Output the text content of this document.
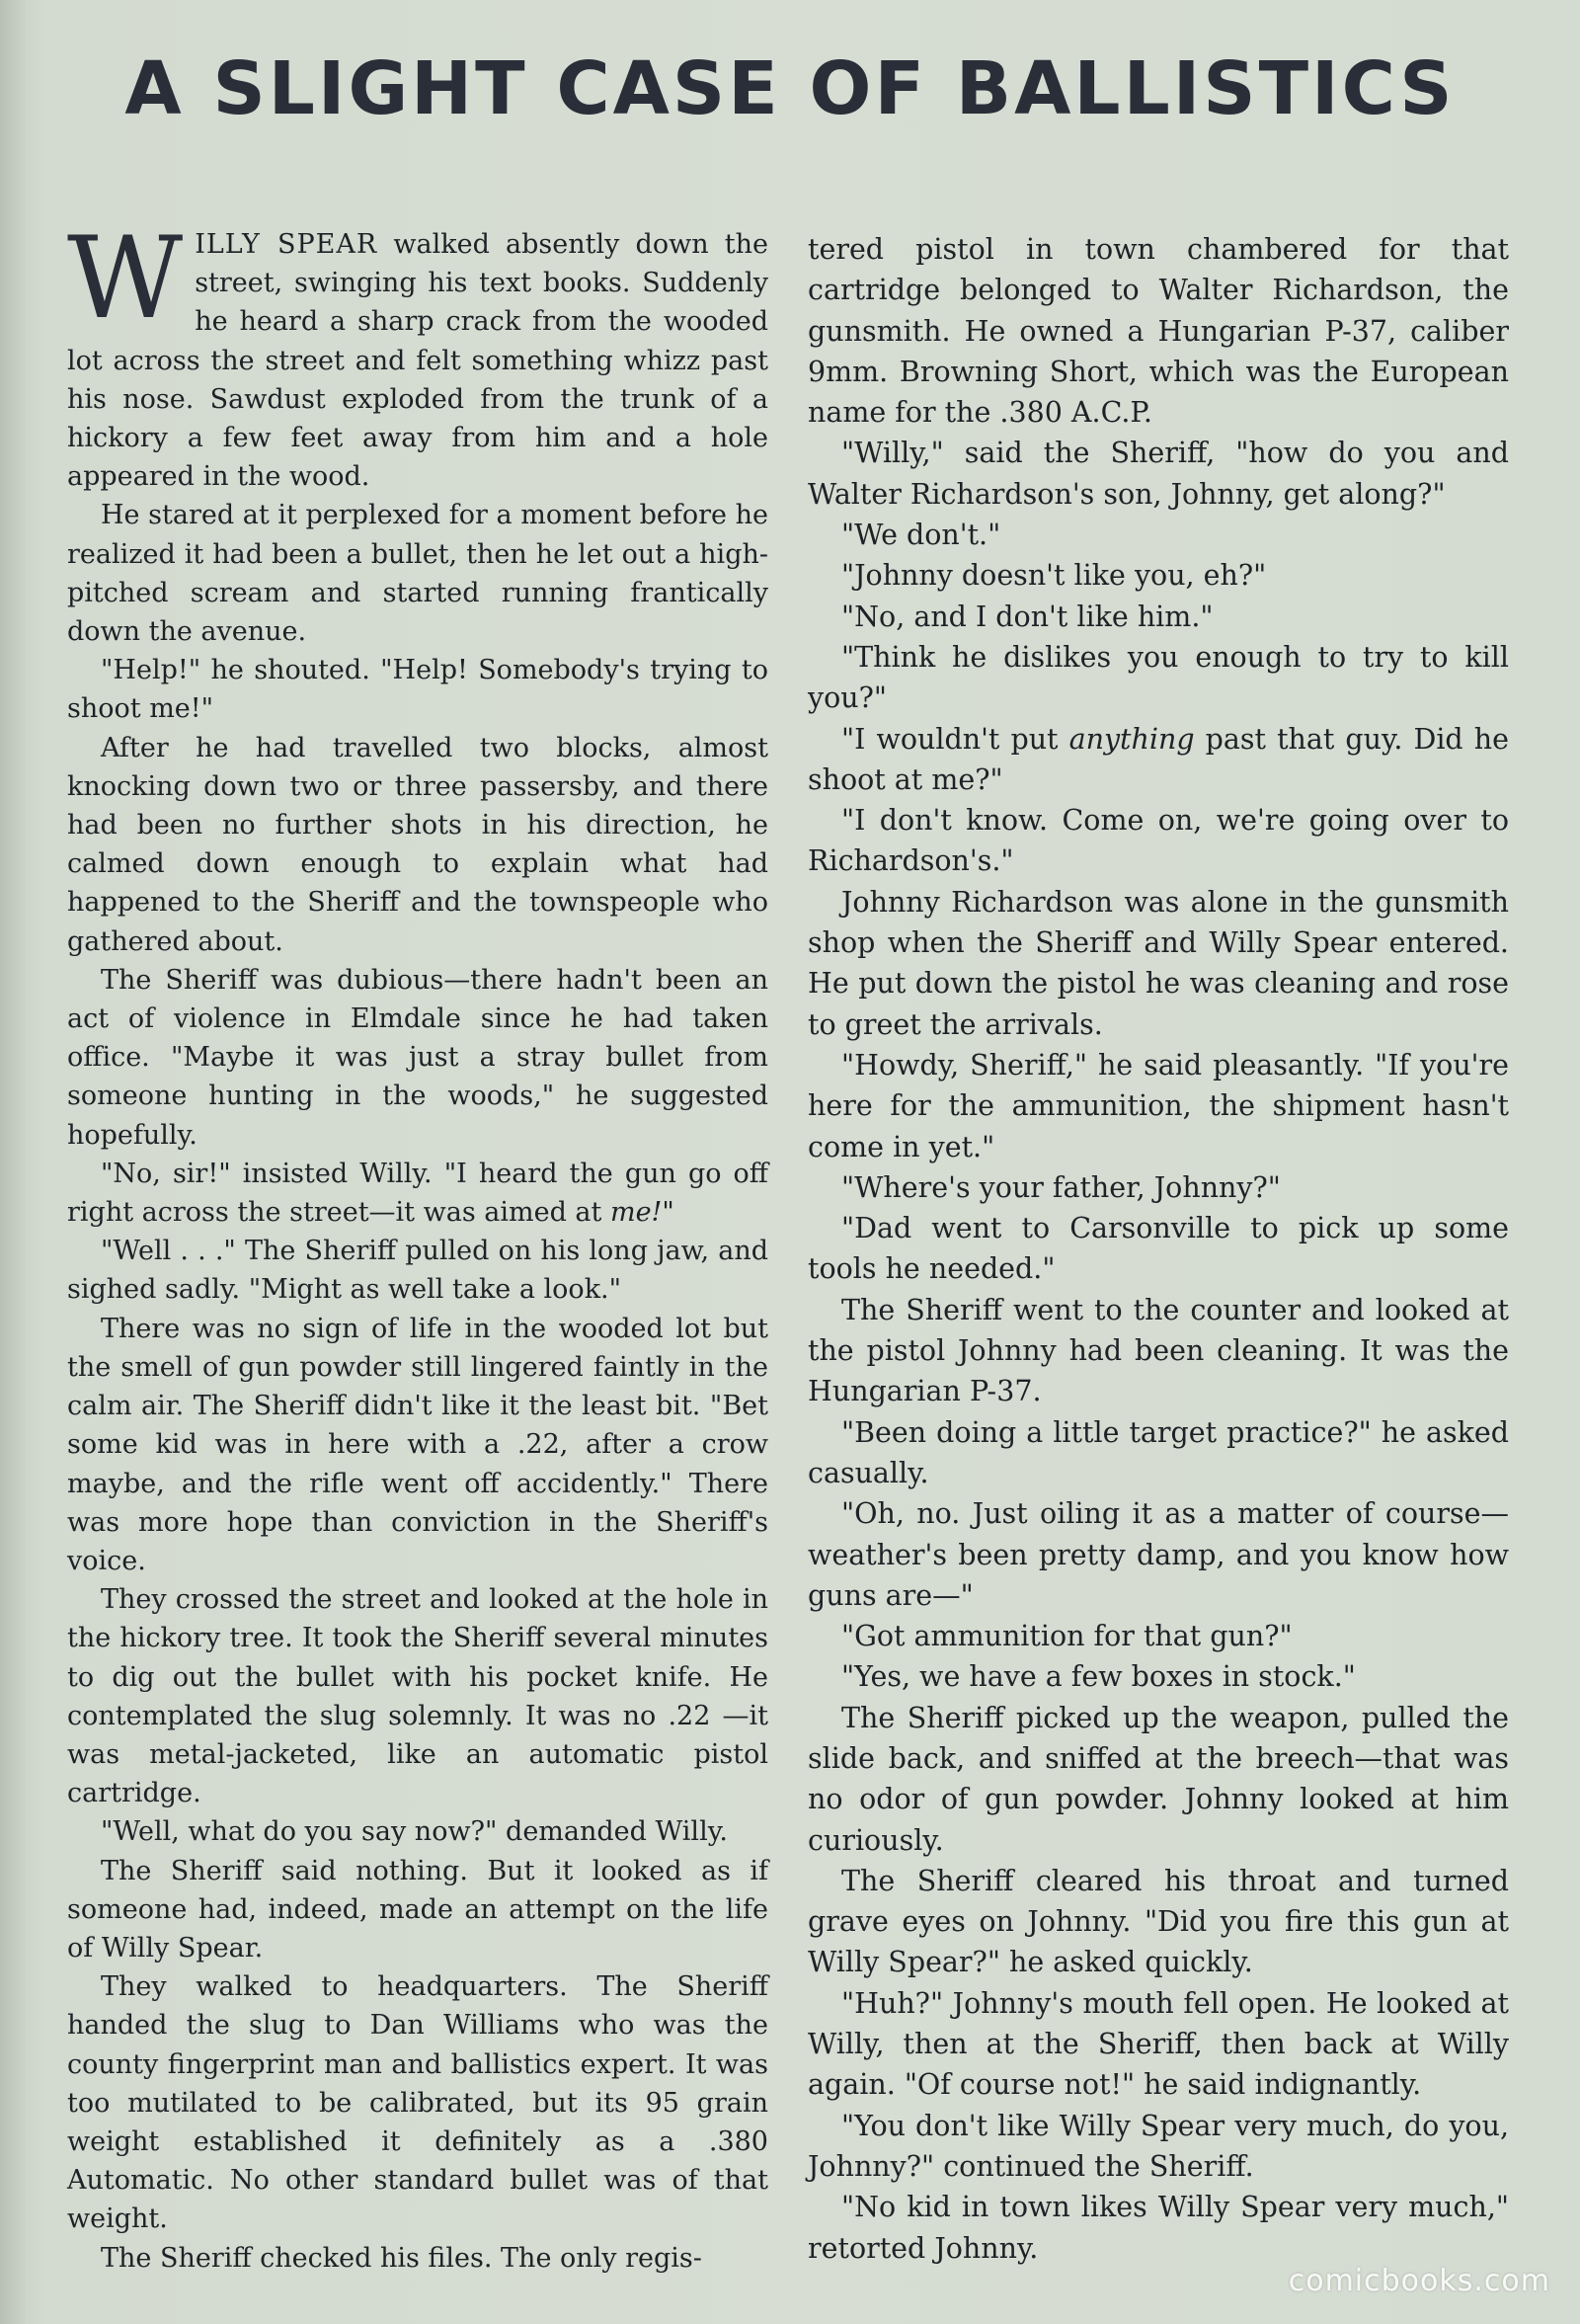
A SLIGHT CASE OF BALLISTICS

WILLY SPEAR walked absently down the street, swinging his text books. Suddenly he heard a sharp crack from the wooded lot across the street and felt something whizz past his nose. Sawdust exploded from the trunk of a hickory a few feet away from him and a hole appeared in the wood.

He stared at it perplexed for a moment before he realized it had been a bullet, then he let out a high-pitched scream and started running frantically down the avenue.

"Help!" he shouted. "Help! Somebody's trying to shoot me!"

After he had travelled two blocks, almost knocking down two or three passersby, and there had been no further shots in his direction, he calmed down enough to explain what had happened to the Sheriff and the townspeople who gathered about.

The Sheriff was dubious—there hadn't been an act of violence in Elmdale since he had taken office. "Maybe it was just a stray bullet from someone hunting in the woods," he suggested hopefully.

"No, sir!" insisted Willy. "I heard the gun go off right across the street—it was aimed at me!"

"Well . . ." The Sheriff pulled on his long jaw, and sighed sadly. "Might as well take a look."

There was no sign of life in the wooded lot but the smell of gun powder still lingered faintly in the calm air. The Sheriff didn't like it the least bit. "Bet some kid was in here with a .22, after a crow maybe, and the rifle went off accidently." There was more hope than conviction in the Sheriff's voice.

They crossed the street and looked at the hole in the hickory tree. It took the Sheriff several minutes to dig out the bullet with his pocket knife. He contemplated the slug solemnly. It was no .22 —it was metal-jacketed, like an automatic pistol cartridge.

"Well, what do you say now?" demanded Willy.

The Sheriff said nothing. But it looked as if someone had, indeed, made an attempt on the life of Willy Spear.

They walked to headquarters. The Sheriff handed the slug to Dan Williams who was the county fingerprint man and ballistics expert. It was too mutilated to be calibrated, but its 95 grain weight established it definitely as a .380 Automatic. No other standard bullet was of that weight.

The Sheriff checked his files. The only regis-

tered pistol in town chambered for that cartridge belonged to Walter Richardson, the gunsmith. He owned a Hungarian P-37, caliber 9mm. Browning Short, which was the European name for the .380 A.C.P.

"Willy," said the Sheriff, "how do you and Walter Richardson's son, Johnny, get along?"

"We don't."

"Johnny doesn't like you, eh?"

"No, and I don't like him."

"Think he dislikes you enough to try to kill you?"

"I wouldn't put anything past that guy. Did he shoot at me?"

"I don't know. Come on, we're going over to Richardson's."

Johnny Richardson was alone in the gunsmith shop when the Sheriff and Willy Spear entered. He put down the pistol he was cleaning and rose to greet the arrivals.

"Howdy, Sheriff," he said pleasantly. "If you're here for the ammunition, the shipment hasn't come in yet."

"Where's your father, Johnny?"

"Dad went to Carsonville to pick up some tools he needed."

The Sheriff went to the counter and looked at the pistol Johnny had been cleaning. It was the Hungarian P-37.

"Been doing a little target practice?" he asked casually.

"Oh, no. Just oiling it as a matter of course—weather's been pretty damp, and you know how guns are—"

"Got ammunition for that gun?"

"Yes, we have a few boxes in stock."

The Sheriff picked up the weapon, pulled the slide back, and sniffed at the breech—that was no odor of gun powder. Johnny looked at him curiously.

The Sheriff cleared his throat and turned grave eyes on Johnny. "Did you fire this gun at Willy Spear?" he asked quickly.

"Huh?" Johnny's mouth fell open. He looked at Willy, then at the Sheriff, then back at Willy again. "Of course not!" he said indignantly.

"You don't like Willy Spear very much, do you, Johnny?" continued the Sheriff.

"No kid in town likes Willy Spear very much," retorted Johnny.

comicbooks.com
